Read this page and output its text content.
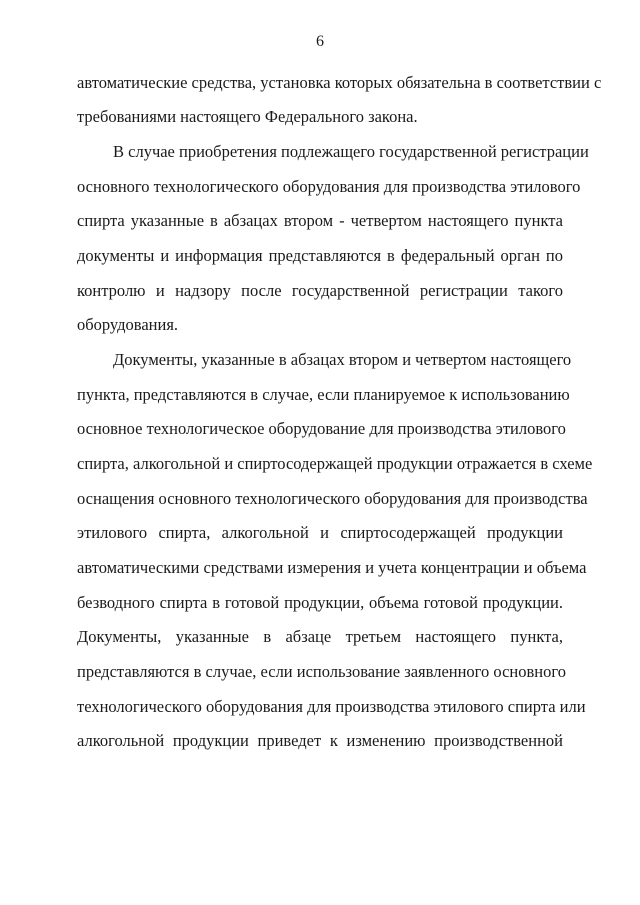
6
автоматические средства, установка которых обязательна в соответствии с
требованиями настоящего Федерального закона.
В случае приобретения подлежащего государственной регистрации
основного технологического оборудования для производства этилового
спирта указанные в абзацах втором - четвертом настоящего пункта
документы и информация представляются в федеральный орган по
контролю и надзору после государственной регистрации такого
оборудования.
Документы, указанные в абзацах втором и четвертом настоящего
пункта, представляются в случае, если планируемое к использованию
основное технологическое оборудование для производства этилового
спирта, алкогольной и спиртосодержащей продукции отражается в схеме
оснащения основного технологического оборудования для производства
этилового спирта, алкогольной и спиртосодержащей продукции
автоматическими средствами измерения и учета концентрации и объема
безводного спирта в готовой продукции, объема готовой продукции.
Документы, указанные в абзаце третьем настоящего пункта,
представляются в случае, если использование заявленного основного
технологического оборудования для производства этилового спирта или
алкогольной продукции приведет к изменению производственной
